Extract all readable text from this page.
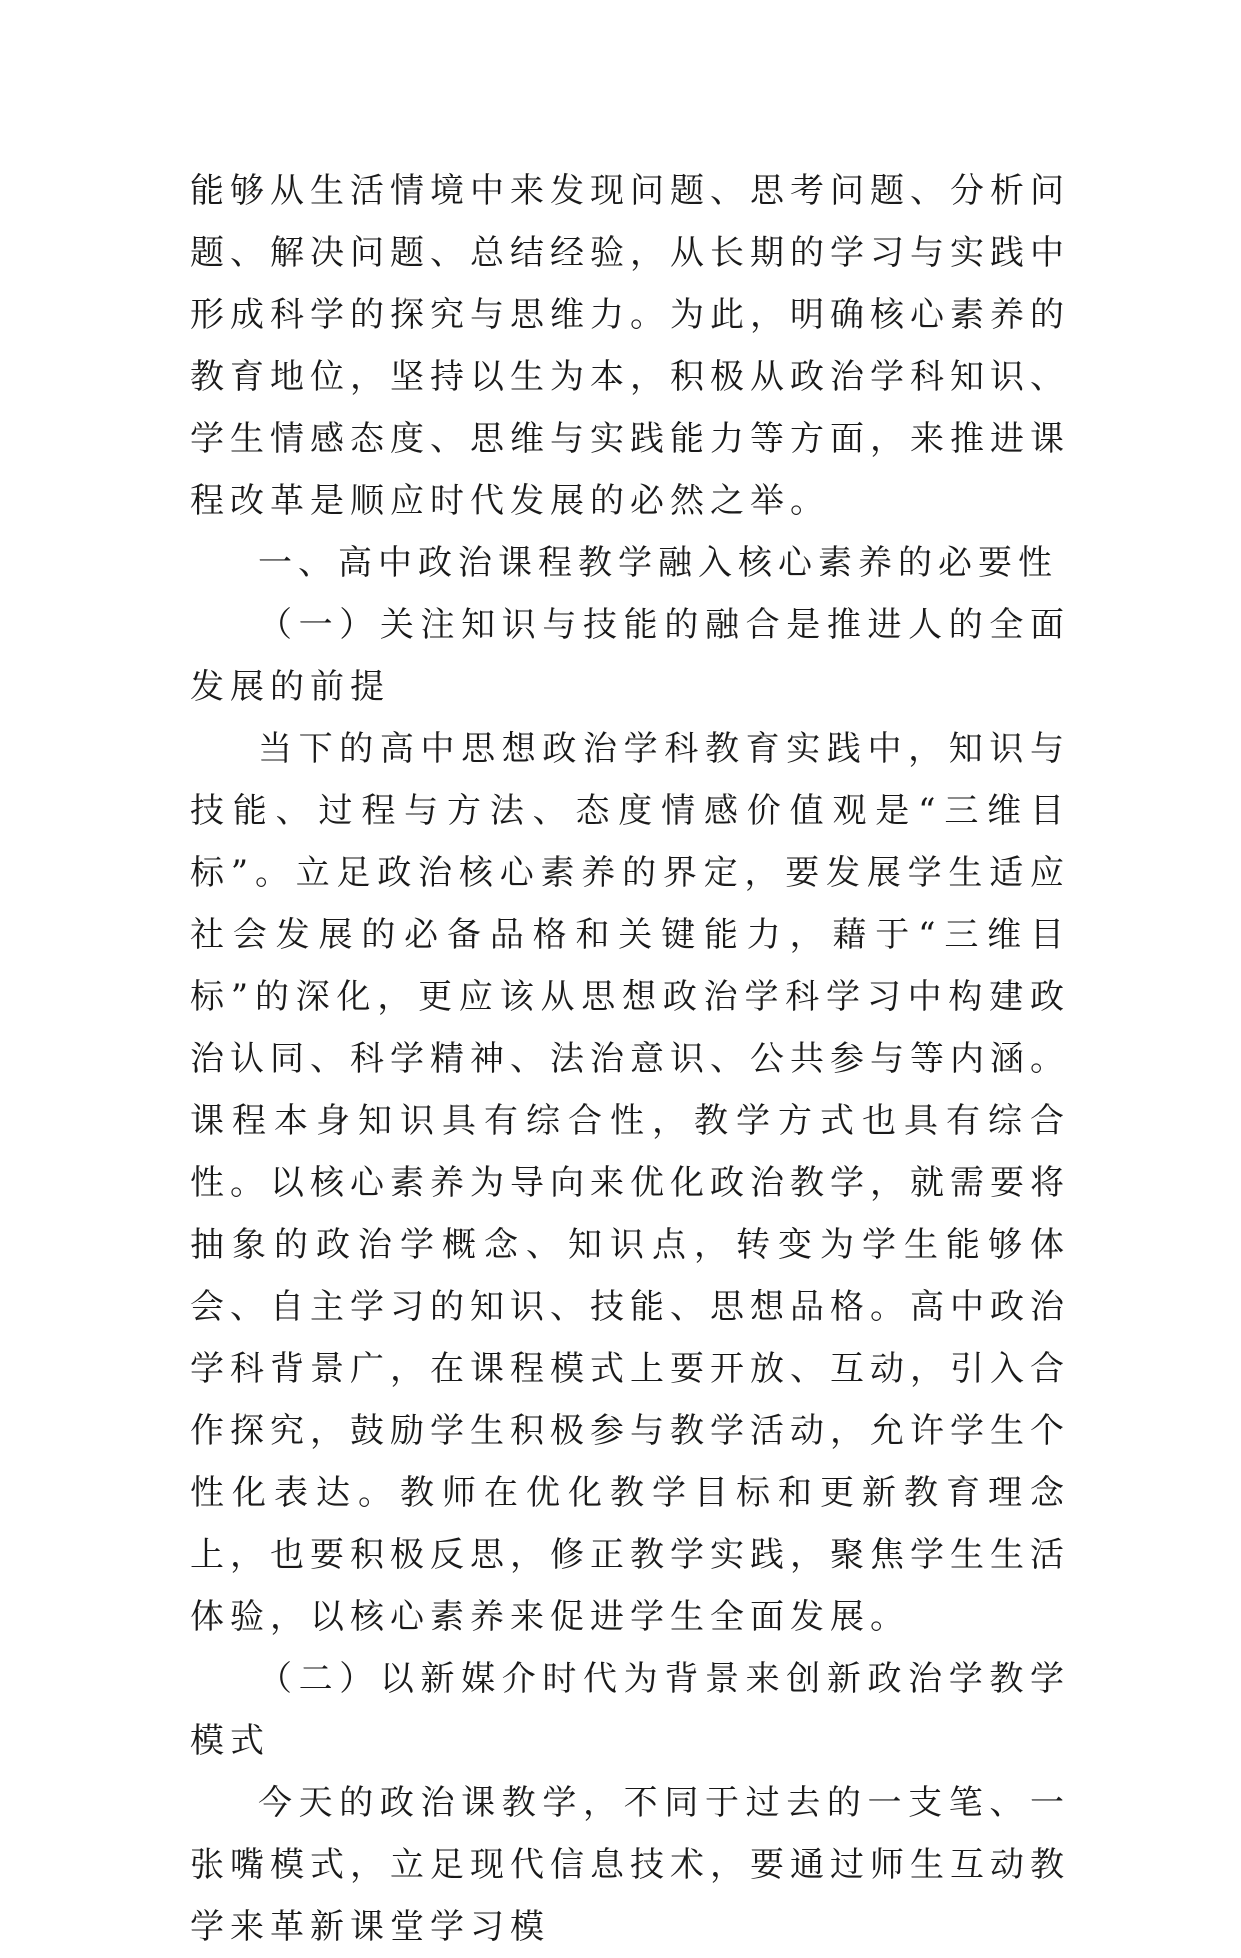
能够从生活情境中来发现问题、思考问题、分析问题、解决问题、总结经验，从长期的学习与实践中形成科学的探究与思维力。为此，明确核心素养的教育地位，坚持以生为本，积极从政治学科知识、学生情感态度、思维与实践能力等方面，来推进课程改革是顺应时代发展的必然之举。

一、高中政治课程教学融入核心素养的必要性

（一）关注知识与技能的融合是推进人的全面发展的前提

当下的高中思想政治学科教育实践中，知识与技能、过程与方法、态度情感价值观是“三维目标”。立足政治核心素养的界定，要发展学生适应社会发展的必备品格和关键能力，藉于“三维目标”的深化，更应该从思想政治学科学习中构建政治认同、科学精神、法治意识、公共参与等内涵。课程本身知识具有综合性，教学方式也具有综合性。以核心素养为导向来优化政治教学，就需要将抽象的政治学概念、知识点，转变为学生能够体会、自主学习的知识、技能、思想品格。高中政治学科背景广，在课程模式上要开放、互动，引入合作探究，鼓励学生积极参与教学活动，允许学生个性化表达。教师在优化教学目标和更新教育理念上，也要积极反思，修正教学实践，聚焦学生生活体验，以核心素养来促进学生全面发展。

（二）以新媒介时代为背景来创新政治学教学模式

今天的政治课教学，不同于过去的一支笔、一张嘴模式，立足现代信息技术，要通过师生互动教学来革新课堂学习模
